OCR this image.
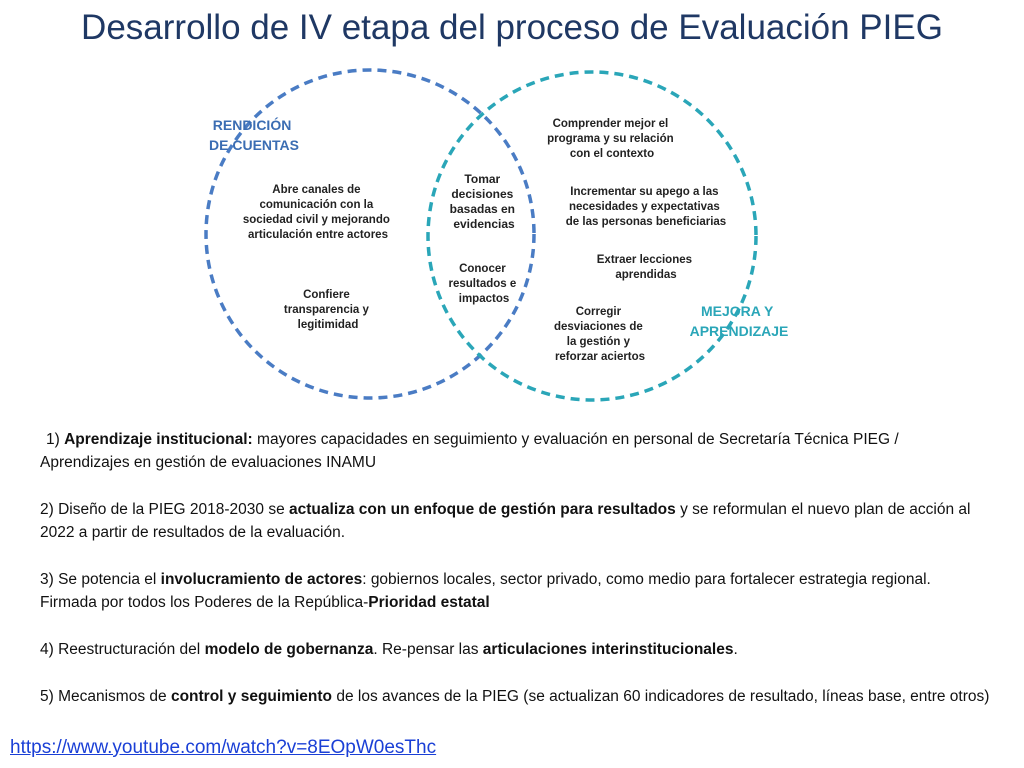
Desarrollo de IV etapa del proceso de Evaluación PIEG
RENDICIÓN DE CUENTAS
MEJORA Y APRENDIZAJE
Abre canales de comunicación con la sociedad civil y mejorando articulación entre actores
Confiere transparencia y legitimidad
Tomar decisiones basadas en evidencias
Conocer resultados e impactos
Comprender mejor el programa y su relación con el contexto
Incrementar su apego a las necesidades y expectativas de las personas beneficiarias
Extraer lecciones aprendidas
Corregir desviaciones de la gestión y reforzar aciertos

1) Aprendizaje institucional: mayores capacidades en seguimiento y evaluación en personal de Secretaría Técnica PIEG / Aprendizajes en gestión de evaluaciones INAMU

2) Diseño de la PIEG 2018-2030 se actualiza con un enfoque de gestión para resultados y se reformulan el nuevo plan de acción al 2022 a partir de resultados de la evaluación.

3) Se potencia el involucramiento de actores: gobiernos locales, sector privado, como medio para fortalecer estrategia regional. Firmada por todos los Poderes de la República-Prioridad estatal

4) Reestructuración del modelo de gobernanza. Re-pensar las articulaciones interinstitucionales.

5) Mecanismos de control y seguimiento de los avances de la PIEG (se actualizan 60 indicadores de resultado, líneas base, entre otros)

https://www.youtube.com/watch?v=8EOpW0esThc
